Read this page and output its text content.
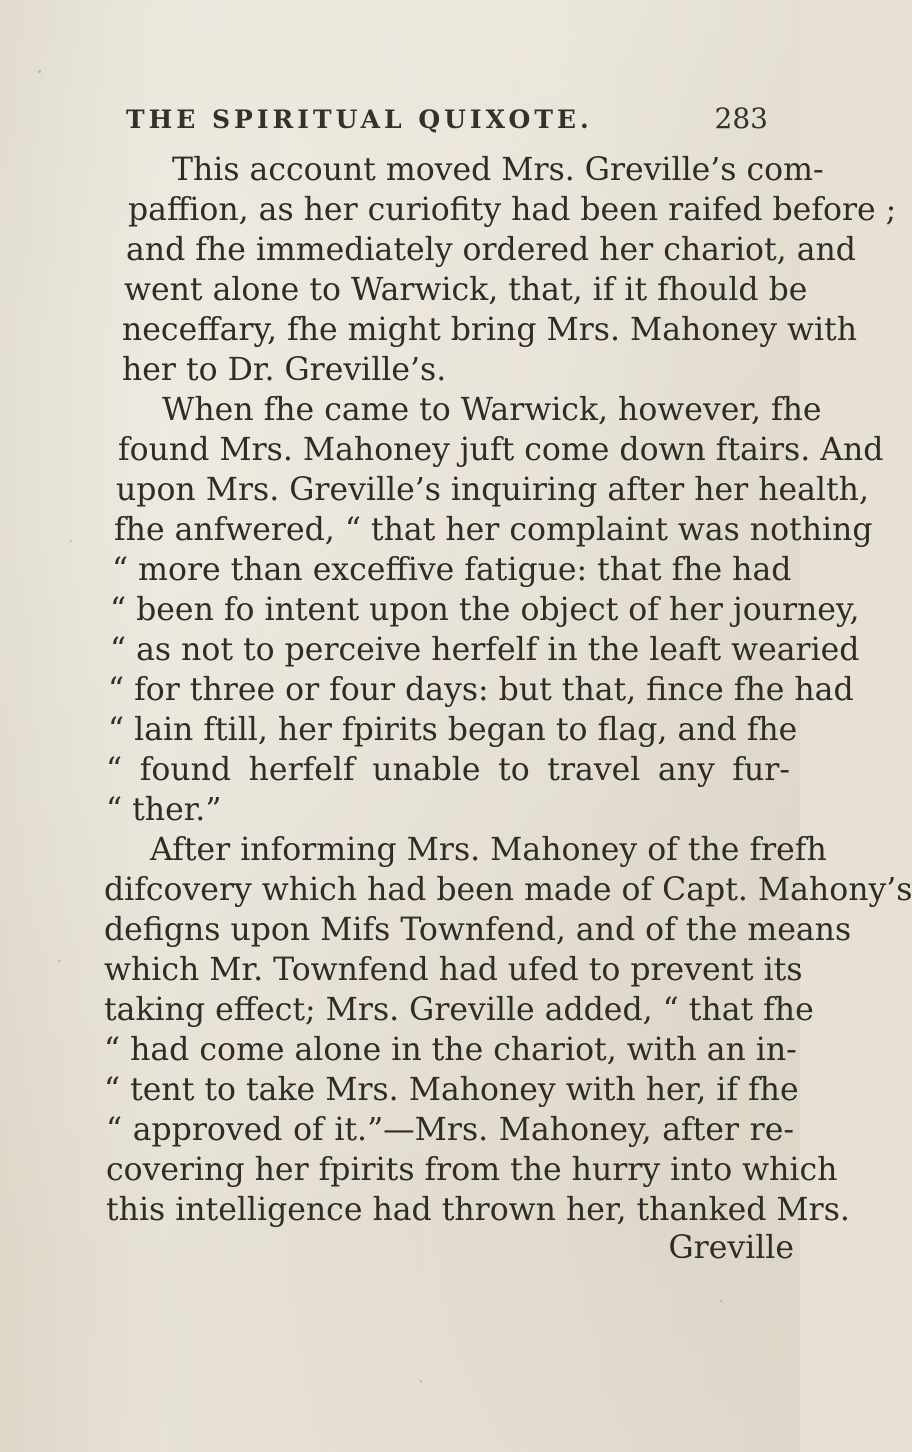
THE SPIRITUAL QUIXOTE.	283
This account moved Mrs. Greville’s com-
paffion, as her curiofity had been raifed before ;
and fhe immediately ordered her chariot, and
went alone to Warwick, that, if it fhould be
neceffary, fhe might bring Mrs. Mahoney with
her to Dr. Greville’s.
When fhe came to Warwick, however, fhe
found Mrs. Mahoney juft come down ftairs. And
upon Mrs. Greville’s inquiring after her health,
fhe anfwered, “ that her complaint was nothing
“ more than exceffive fatigue: that fhe had
“ been fo intent upon the object of her journey,
“ as not to perceive herfelf in the leaft wearied
“ for three or four days: but that, fince fhe had
“ lain ftill, her fpirits began to flag, and fhe
“ found herfelf unable to travel any fur-
“ ther.”
After informing Mrs. Mahoney of the frefh
difcovery which had been made of Capt. Mahony’s
defigns upon Mifs Townfend, and of the means
which Mr. Townfend had ufed to prevent its
taking effect; Mrs. Greville added, “ that fhe
“ had come alone in the chariot, with an in-
“ tent to take Mrs. Mahoney with her, if fhe
“ approved of it.”—Mrs. Mahoney, after re-
covering her fpirits from the hurry into which
this intelligence had thrown her, thanked Mrs.
Greville
